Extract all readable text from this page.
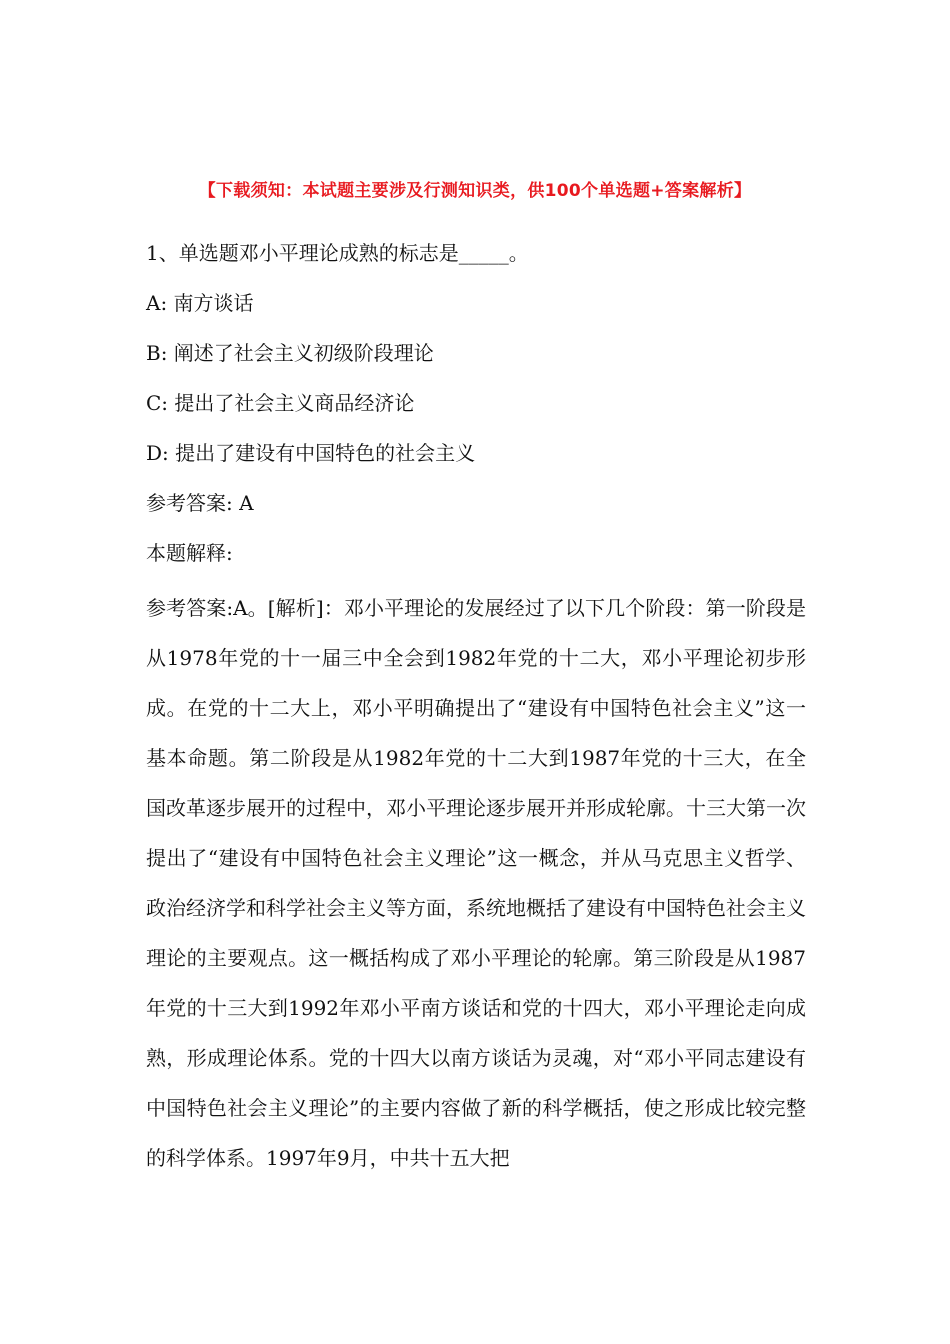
【下载须知：本试题主要涉及行测知识类，供100个单选题+答案解析】
1、单选题邓小平理论成熟的标志是_____。
A: 南方谈话
B: 阐述了社会主义初级阶段理论
C: 提出了社会主义商品经济论
D: 提出了建设有中国特色的社会主义
参考答案: A
本题解释:

参考答案:A。[解析]：邓小平理论的发展经过了以下几个阶段：第一阶段是从1978年党的十一届三中全会到1982年党的十二大，邓小平理论初步形成。在党的十二大上，邓小平明确提出了“建设有中国特色社会主义”这一基本命题。第二阶段是从1982年党的十二大到1987年党的十三大，在全国改革逐步展开的过程中，邓小平理论逐步展开并形成轮廓。十三大第一次提出了“建设有中国特色社会主义理论”这一概念，并从马克思主义哲学、政治经济学和科学社会主义等方面，系统地概括了建设有中国特色社会主义理论的主要观点。这一概括构成了邓小平理论的轮廓。第三阶段是从1987年党的十三大到1992年邓小平南方谈话和党的十四大，邓小平理论走向成熟，形成理论体系。党的十四大以南方谈话为灵魂，对“邓小平同志建设有中国特色社会主义理论”的主要内容做了新的科学概括，使之形成比较完整的科学体系。1997年9月，中共十五大把
